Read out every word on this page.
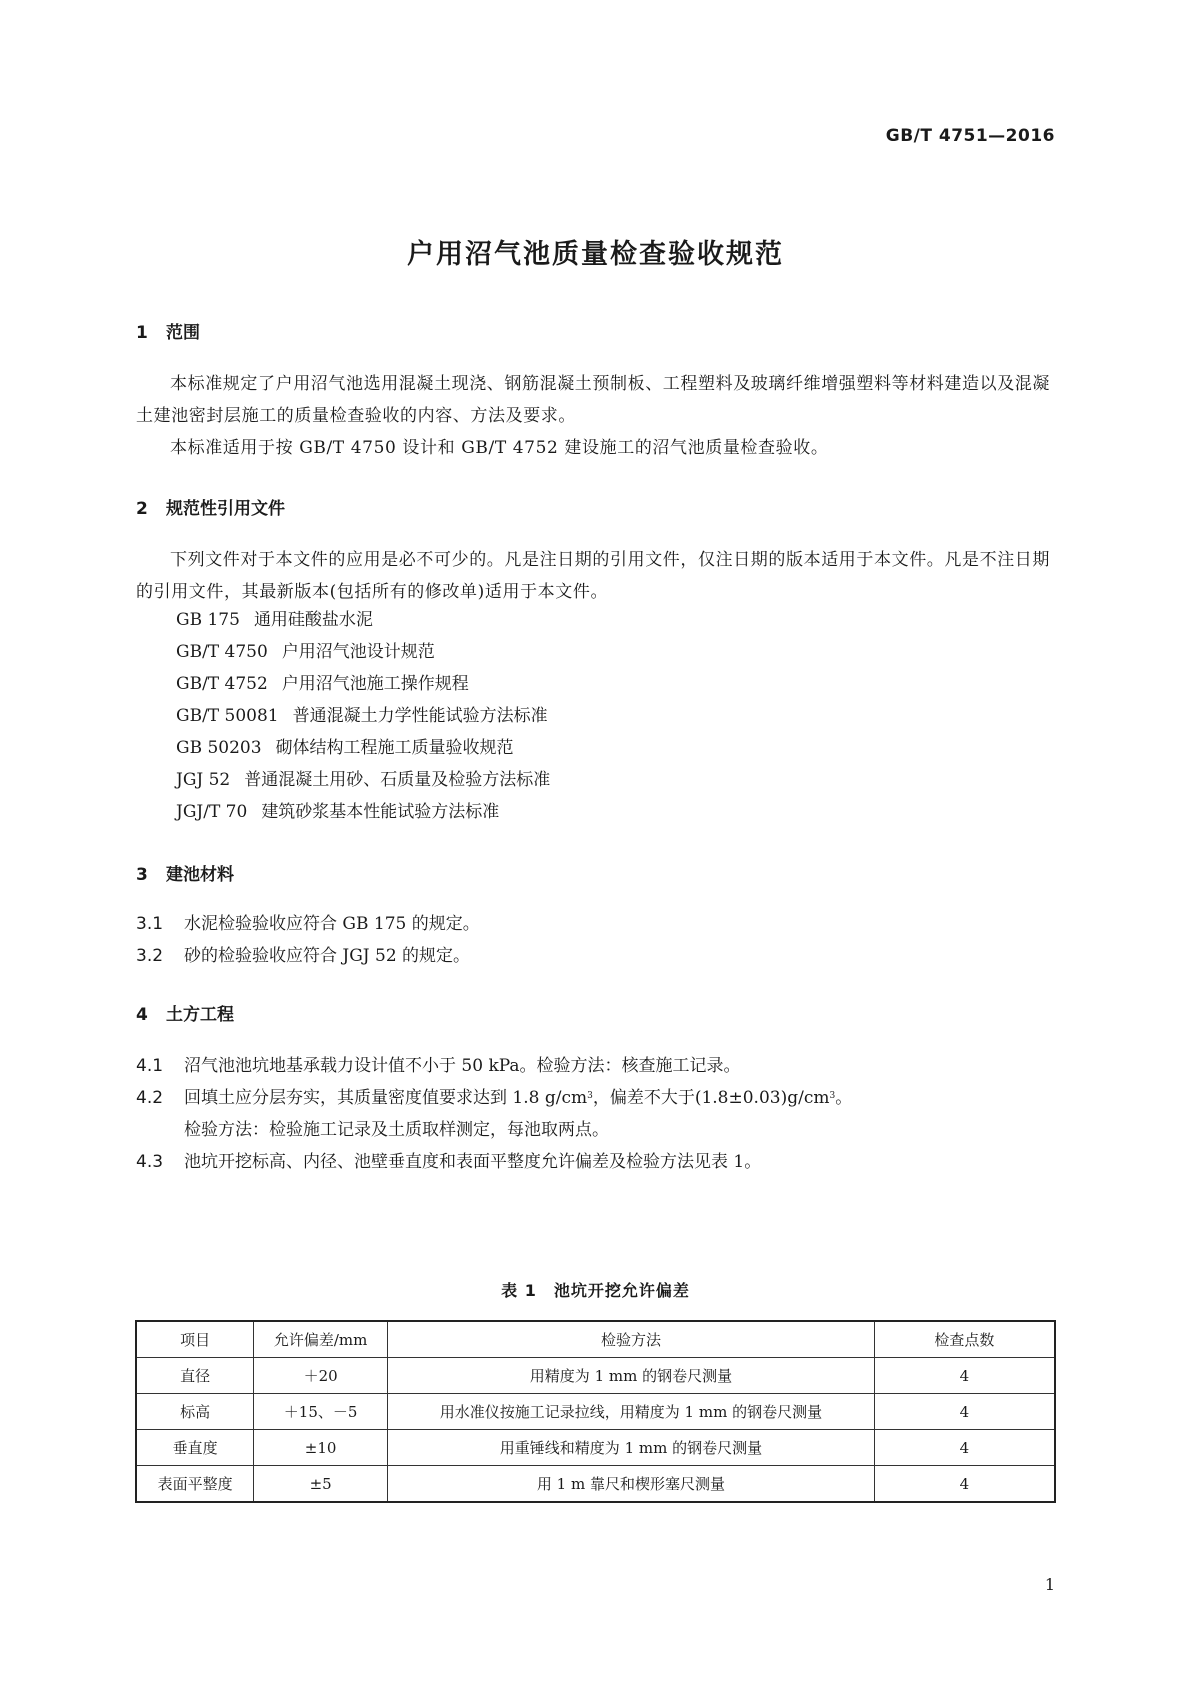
GB/T 4751—2016
户用沼气池质量检查验收规范
1 范围

本标准规定了户用沼气池选用混凝土现浇、钢筋混凝土预制板、工程塑料及玻璃纤维增强塑料等材料建造以及混凝土建池密封层施工的质量检查验收的内容、方法及要求。

本标准适用于按 GB/T 4750 设计和 GB/T 4752 建设施工的沼气池质量检查验收。

2 规范性引用文件

下列文件对于本文件的应用是必不可少的。凡是注日期的引用文件，仅注日期的版本适用于本文件。凡是不注日期的引用文件，其最新版本(包括所有的修改单)适用于本文件。

GB 175 通用硅酸盐水泥
GB/T 4750 户用沼气池设计规范
GB/T 4752 户用沼气池施工操作规程
GB/T 50081 普通混凝土力学性能试验方法标准
GB 50203 砌体结构工程施工质量验收规范
JGJ 52 普通混凝土用砂、石质量及检验方法标准
JGJ/T 70 建筑砂浆基本性能试验方法标准
3 建池材料
3.1 水泥检验验收应符合 GB 175 的规定。
3.2 砂的检验验收应符合 JGJ 52 的规定。
4 土方工程
4.1 沼气池池坑地基承载力设计值不小于 50 kPa。检验方法：核查施工记录。
4.2 回填土应分层夯实，其质量密度值要求达到 1.8 $g/cm^3$，偏差不大于$(1.8\pm 0.03)g/cm^3$。
检验方法：检验施工记录及土质取样测定，每池取两点。
4.3 池坑开挖标高、内径、池壁垂直度和表面平整度允许偏差及检验方法见表 1。
表 1　池坑开挖允许偏差
项目	允许偏差/mm	检验方法	检查点数
直径	＋20	用精度为 1 mm 的钢卷尺测量	4
标高	＋15、－5	用水准仪按施工记录拉线，用精度为 1 mm 的钢卷尺测量	4
垂直度	±10	用重锤线和精度为 1 mm 的钢卷尺测量	4
表面平整度	±5	用 1 m 靠尺和楔形塞尺测量	4
1
